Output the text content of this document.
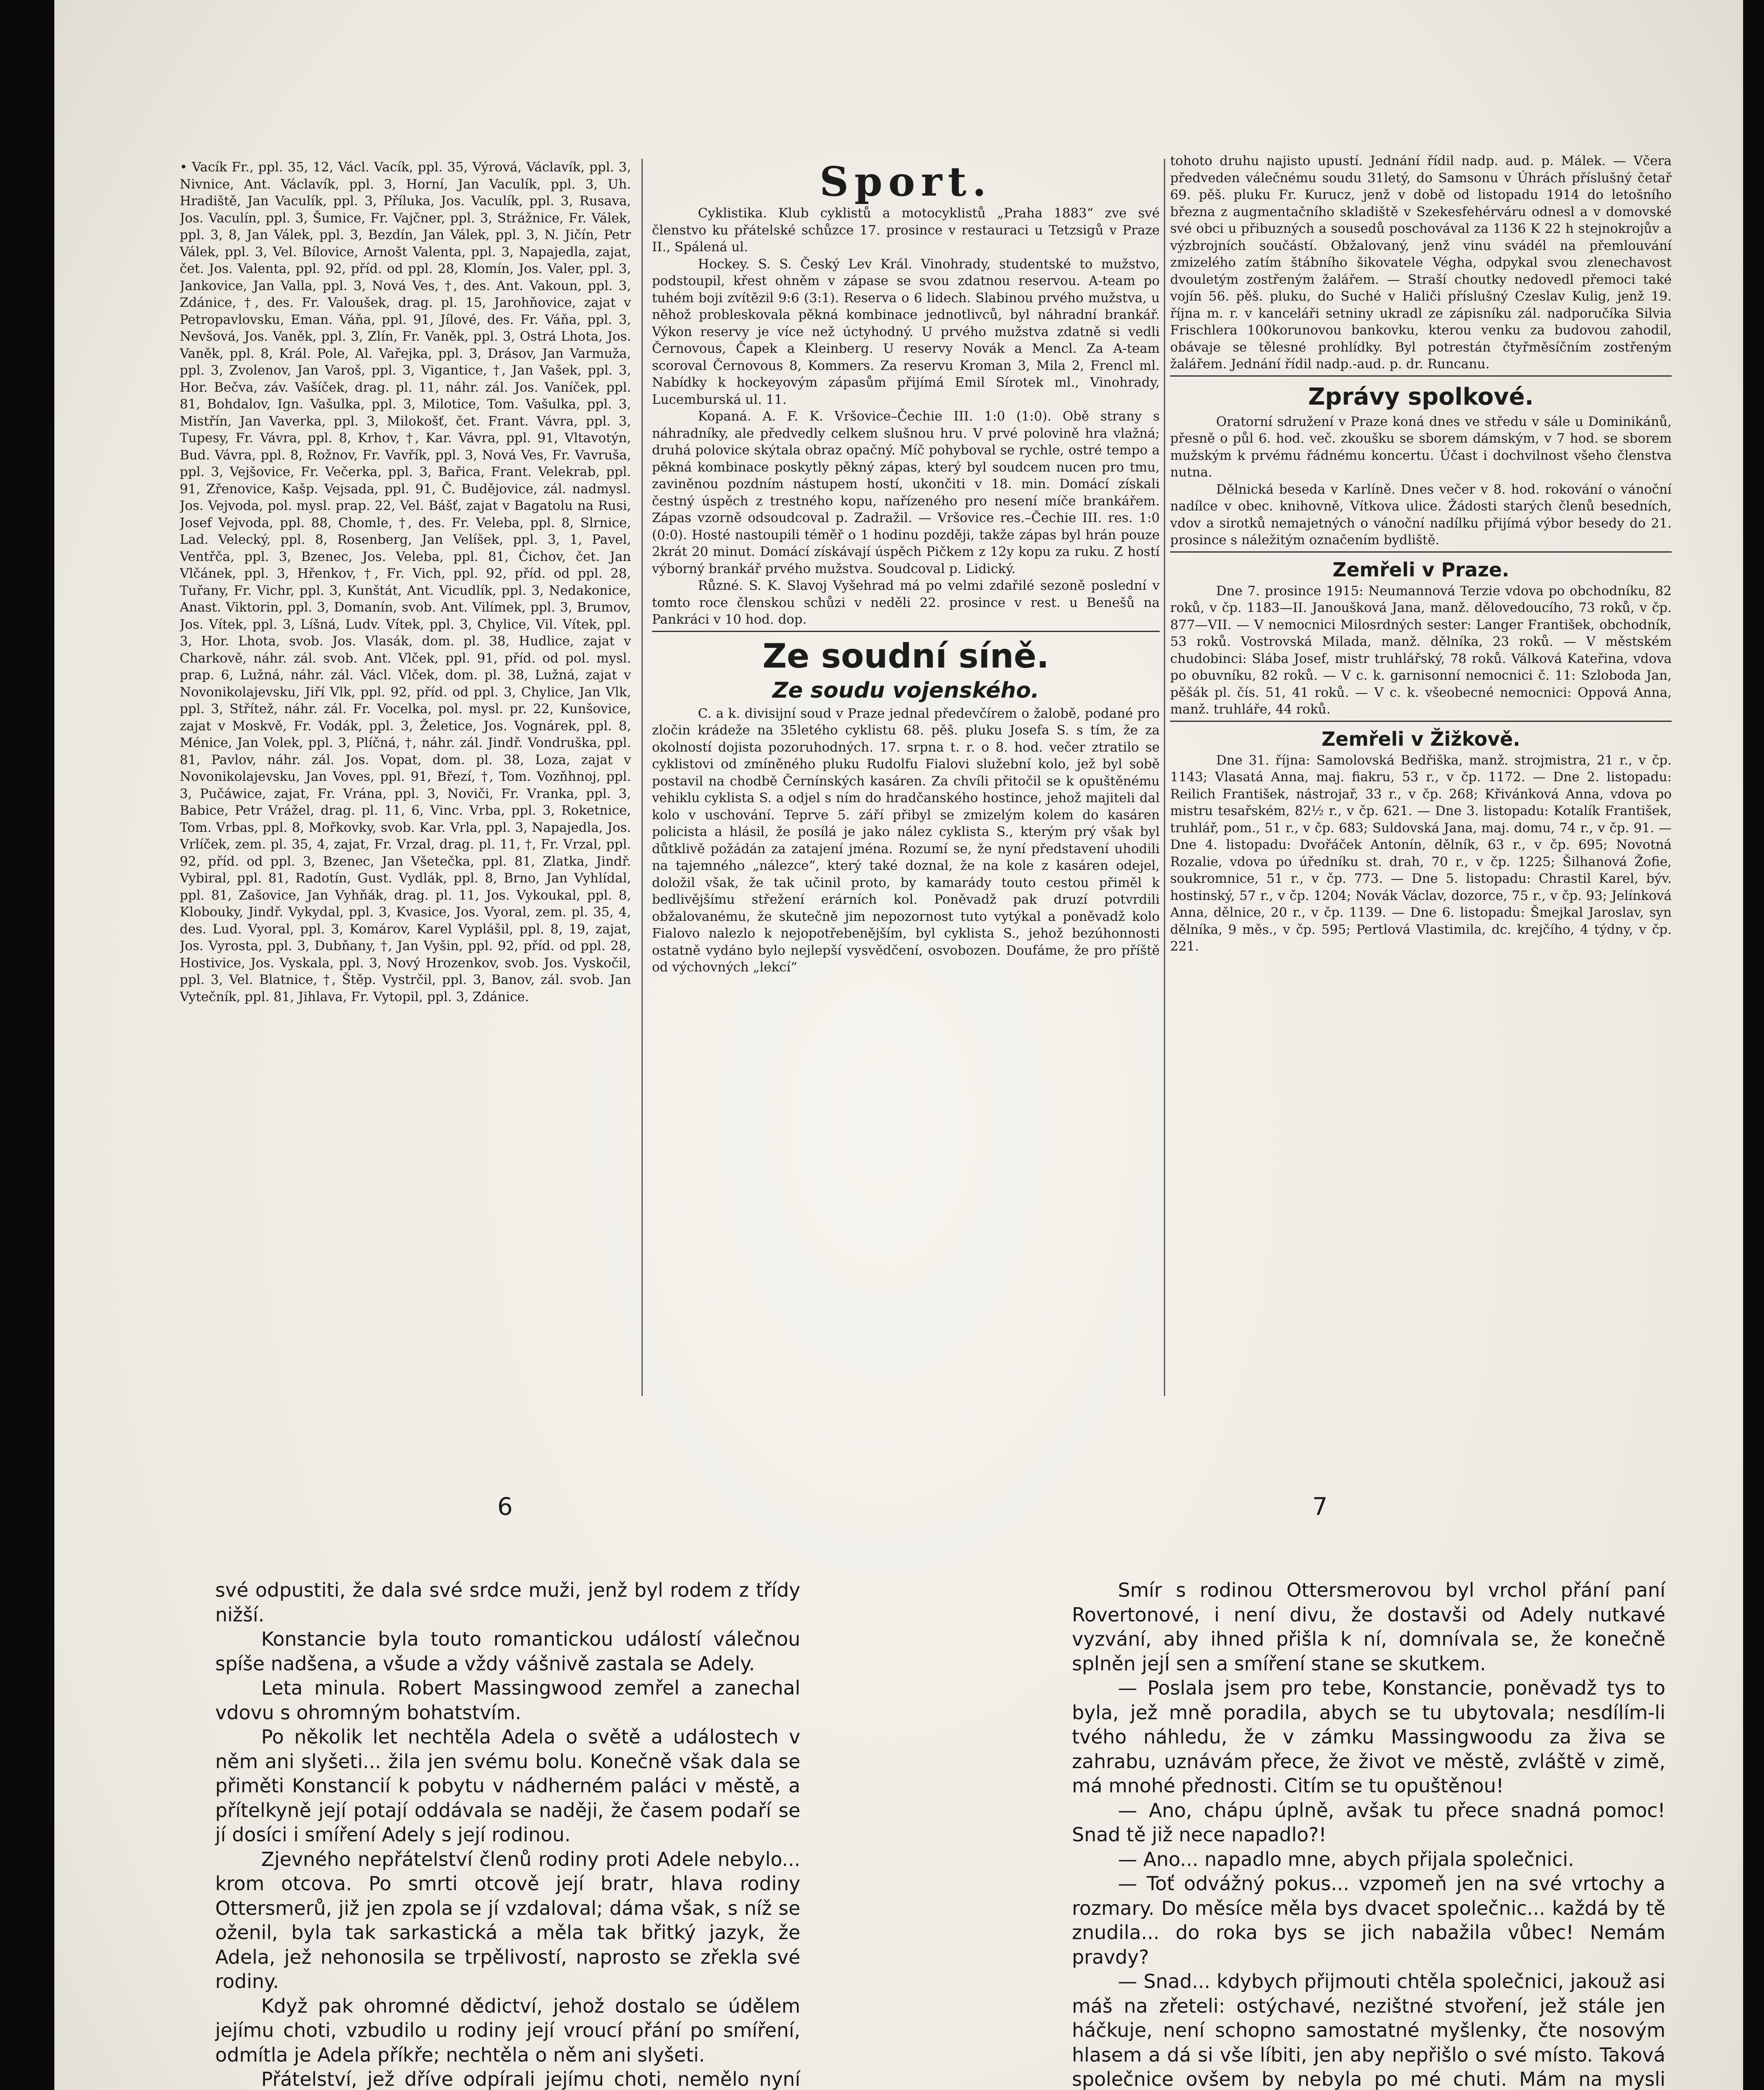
• Vacík Fr., ppl. 35, 12, Václ. Vacík, ppl. 35, Výrová, Václavík, ppl. 3, Nivnice, Ant. Václavík, ppl. 3, Horní, Jan Vaculík, ppl. 3, Uh. Hradiště, Jan Vaculík, ppl. 3, Příluka, Jos. Vaculík, ppl. 3, Rusava, Jos. Vaculín, ppl. 3, Šumice, Fr. Vajčner, ppl. 3, Strážnice, Fr. Válek, ppl. 3, 8, Jan Válek, ppl. 3, Bezdín, Jan Válek, ppl. 3, N. Jičín, Petr Válek, ppl. 3, Vel. Bílovice, Arnošt Valenta, ppl. 3, Napajedla, zajat, čet. Jos. Valenta, ppl. 92, příd. od ppl. 28, Klomín, Jos. Valer, ppl. 3, Jankovice, Jan Valla, ppl. 3, Nová Ves, †, des. Ant. Vakoun, ppl. 3, Zdánice, †, des. Fr. Valoušek, drag. pl. 15, Jarohňovice, zajat v Petropavlovsku, Eman. Váňa, ppl. 91, Jílové, des. Fr. Váňa, ppl. 3, Nevšová, Jos. Vaněk, ppl. 3, Zlín, Fr. Vaněk, ppl. 3, Ostrá Lhota, Jos. Vaněk, ppl. 8, Král. Pole, Al. Vařejka, ppl. 3, Drásov, Jan Varmuža, ppl. 3, Zvolenov, Jan Varoš, ppl. 3, Vigantice, †, Jan Vašek, ppl. 3, Hor. Bečva, záv. Vašíček, drag. pl. 11, náhr. zál. Jos. Vaníček, ppl. 81, Bohdalov, Ign. Vašulka, ppl. 3, Milotice, Tom. Vašulka, ppl. 3, Mistřín, Jan Vaverka, ppl. 3, Milokošť, čet. Frant. Vávra, ppl. 3, Tupesy, Fr. Vávra, ppl. 8, Krhov, †, Kar. Vávra, ppl. 91, Vltavotýn, Bud. Vávra, ppl. 8, Rožnov, Fr. Vavřík, ppl. 3, Nová Ves, Fr. Vavruša, ppl. 3, Vejšovice, Fr. Večerka, ppl. 3, Bařica, Frant. Velekrab, ppl. 91, Zřenovice, Kašp. Vejsada, ppl. 91, Č. Budějovice, zál. nadmysl. Jos. Vejvoda, pol. mysl. prap. 22, Vel. Bášť, zajat v Bagatolu na Rusi, Josef Vejvoda, ppl. 88, Chomle, †, des. Fr. Veleba, ppl. 8, Slrnice, Lad. Velecký, ppl. 8, Rosenberg, Jan Velíšek, ppl. 3, 1, Pavel, Ventřča, ppl. 3, Bzenec, Jos. Veleba, ppl. 81, Čichov, čet. Jan Vlčánek, ppl. 3, Hřenkov, †, Fr. Vich, ppl. 92, příd. od ppl. 28, Tuřany, Fr. Vichr, ppl. 3, Kunštát, Ant. Vicudlík, ppl. 3, Nedakonice, Anast. Viktorin, ppl. 3, Domanín, svob. Ant. Vilímek, ppl. 3, Brumov, Jos. Vítek, ppl. 3, Líšná, Ludv. Vítek, ppl. 3, Chylice, Vil. Vítek, ppl. 3, Hor. Lhota, svob. Jos. Vlasák, dom. pl. 38, Hudlice, zajat v Charkově, náhr. zál. svob. Ant. Vlček, ppl. 91, příd. od pol. mysl. prap. 6, Lužná, náhr. zál. Václ. Vlček, dom. pl. 38, Lužná, zajat v Novonikolajevsku, Jiří Vlk, ppl. 92, příd. od ppl. 3, Chylice, Jan Vlk, ppl. 3, Střítež, náhr. zál. Fr. Vocelka, pol. mysl. pr. 22, Kunšovice, zajat v Moskvě, Fr. Vodák, ppl. 3, Želetice, Jos. Vognárek, ppl. 8, Ménice, Jan Volek, ppl. 3, Plíčná, †, náhr. zál. Jindř. Vondruška, ppl. 81, Pavlov, náhr. zál. Jos. Vopat, dom. pl. 38, Loza, zajat v Novonikolajevsku, Jan Voves, ppl. 91, Březí, †, Tom. Vozňhnoj, ppl. 3, Pučáwice, zajat, Fr. Vrána, ppl. 3, Noviči, Fr. Vranka, ppl. 3, Babice, Petr Vrážel, drag. pl. 11, 6, Vinc. Vrba, ppl. 3, Roketnice, Tom. Vrbas, ppl. 8, Mořkovky, svob. Kar. Vrla, ppl. 3, Napajedla, Jos. Vrlíček, zem. pl. 35, 4, zajat, Fr. Vrzal, drag. pl. 11, †, Fr. Vrzal, ppl. 92, příd. od ppl. 3, Bzenec, Jan Všetečka, ppl. 81, Zlatka, Jindř. Vybiral, ppl. 81, Radotín, Gust. Vydlák, ppl. 8, Brno, Jan Vyhlídal, ppl. 81, Zašovice, Jan Vyhňák, drag. pl. 11, Jos. Vykoukal, ppl. 8, Klobouky, Jindř. Vykydal, ppl. 3, Kvasice, Jos. Vyoral, zem. pl. 35, 4, des. Lud. Vyoral, ppl. 3, Komárov, Karel Vyplášil, ppl. 8, 19, zajat, Jos. Vyrosta, ppl. 3, Dubňany, †, Jan Vyšin, ppl. 92, příd. od ppl. 28, Hostivice, Jos. Vyskala, ppl. 3, Nový Hrozenkov, svob. Jos. Vyskočil, ppl. 3, Vel. Blatnice, †, Štěp. Vystrčil, ppl. 3, Banov, zál. svob. Jan Vytečník, ppl. 81, Jihlava, Fr. Vytopil, ppl. 3, Zdánice.

Sport.

Cyklistika. Klub cyklistů a motocyklistů „Praha 1883“ zve své členstvo ku přátelské schůzce 17. prosince v restauraci u Tetzsigů v Praze II., Spálená ul.

Hockey. S. S. Český Lev Král. Vinohrady, studentské to mužstvo, podstoupil, křest ohněm v zápase se svou zdatnou reservou. A-team po tuhém boji zvítězil 9:6 (3:1). Reserva o 6 lidech. Slabinou prvého mužstva, u něhož probleskovala pěkná kombinace jednotlivců, byl náhradní brankář. Výkon reservy je více než úctyhodný. U prvého mužstva zdatně si vedli Černovous, Čapek a Kleinberg. U reservy Novák a Mencl. Za A-team scoroval Černovous 8, Kommers. Za reservu Kroman 3, Mila 2, Frencl ml. Nabídky k hockeyovým zápasům přijímá Emil Sírotek ml., Vinohrady, Lucemburská ul. 11.

Kopaná. A. F. K. Vršovice–Čechie III. 1:0 (1:0). Obě strany s náhradníky, ale předvedly celkem slušnou hru. V prvé polovině hra vlažná; druhá polovice skýtala obraz opačný. Míč pohyboval se rychle, ostré tempo a pěkná kombinace poskytly pěkný zápas, který byl soudcem nucen pro tmu, zaviněnou pozdním nástupem hostí, ukončiti v 18. min. Domácí získali čestný úspěch z trestného kopu, nařízeného pro nesení míče brankářem. Zápas vzorně odsoudcoval p. Zadražil. — Vršovice res.–Čechie III. res. 1:0 (0:0). Hosté nastoupili téměř o 1 hodinu později, takže zápas byl hrán pouze 2krát 20 minut. Domácí získávají úspěch Pičkem z 12y kopu za ruku. Z hostí výborný brankář prvého mužstva. Soudcoval p. Lidický.

Různé. S. K. Slavoj Vyšehrad má po velmi zdařilé sezoně poslední v tomto roce členskou schůzi v neděli 22. prosince v rest. u Benešů na Pankráci v 10 hod. dop.

Ze soudní síně.
Ze soudu vojenského.

C. a k. divisijní soud v Praze jednal předevčírem o žalobě, podané pro zločin krádeže na 35letého cyklistu 68. pěš. pluku Josefa S. s tím, že za okolností dojista pozoruhodných. 17. srpna t. r. o 8. hod. večer ztratilo se cyklistovi od zmíněného pluku Rudolfu Fialovi služební kolo, jež byl sobě postavil na chodbě Černínských kasáren. Za chvíli přitočil se k opuštěnému vehiklu cyklista S. a odjel s ním do hradčanského hostince, jehož majiteli dal kolo v uschování. Teprve 5. září přibyl se zmizelým kolem do kasáren policista a hlásil, že posílá je jako nález cyklista S., kterým prý však byl důtklivě požádán za zatajení jména. Rozumí se, že nyní představení uhodili na tajemného „nálezce“, který také doznal, že na kole z kasáren odejel, doložil však, že tak učinil proto, by kamarády touto cestou přiměl k bedlivějšímu střežení erárních kol. Poněvadž pak druzí potvrdili obžalovanému, že skutečně jim nepozornost tuto vytýkal a poněvadž kolo Fialovo nalezlo k nejopotřebenějším, byl cyklista S., jehož bezúhonnosti ostatně vydáno bylo nejlepší vysvědčení, osvobozen. Doufáme, že pro příště od výchovných „lekcí“

tohoto druhu najisto upustí. Jednání řídil nadp. aud. p. Málek. — Včera předveden válečnému soudu 31letý, do Samsonu v Úhrách příslušný četař 69. pěš. pluku Fr. Kurucz, jenž v době od listopadu 1914 do letošního března z augmentačního skladiště v Szekesfehérváru odnesl a v domovské své obci u přibuzných a sousedů poschovával za 1136 K 22 h stejnokrojův a výzbrojních součástí. Obžalovaný, jenž vinu svádél na přemlouvání zmizelého zatím štábního šikovatele Végha, odpykal svou zlenechavost dvouletým zostřeným žalářem. — Straší choutky nedovedl přemoci také vojín 56. pěš. pluku, do Suché v Haliči příslušný Czeslav Kulig, jenž 19. října m. r. v kanceláři setniny ukradl ze zápisníku zál. nadporučíka Silvia Frischlera 100korunovou bankovku, kterou venku za budovou zahodil, obávaje se tělesné prohlídky. Byl potrestán čtyřměsíčním zostřeným žalářem. Jednání řídil nadp.-aud. p. dr. Runcanu.

Zprávy spolkové.

Oratorní sdružení v Praze koná dnes ve středu v sále u Dominikánů, přesně o půl 6. hod. več. zkoušku se sborem dámským, v 7 hod. se sborem mužským k prvému řádnému koncertu. Účast i dochvilnost všeho členstva nutna.

Dělnická beseda v Karlíně. Dnes večer v 8. hod. rokování o vánoční nadílce v obec. knihovně, Vítkova ulice. Žádosti starých členů besedních, vdov a sirotků nemajetných o vánoční nadílku přijímá výbor besedy do 21. prosince s náležitým označením bydliště.

Zemřeli v Praze.

Dne 7. prosince 1915: Neumannová Terzie vdova po obchodníku, 82 roků, v čp. 1183—II. Janoušková Jana, manž. dělovedoucího, 73 roků, v čp. 877—VII. — V nemocnici Milosrdných sester: Langer František, obchodník, 53 roků. Vostrovská Milada, manž. dělníka, 23 roků. — V městském chudobinci: Slába Josef, mistr truhlářský, 78 roků. Válková Kateřina, vdova po obuvníku, 82 roků. — V c. k. garnisonní nemocnici č. 11: Szloboda Jan, pěšák pl. čís. 51, 41 roků. — V c. k. všeobecné nemocnici: Oppová Anna, manž. truhláře, 44 roků.

Zemřeli v Žižkově.

Dne 31. října: Samolovská Bedřiška, manž. strojmistra, 21 r., v čp. 1143; Vlasatá Anna, maj. fiakru, 53 r., v čp. 1172. — Dne 2. listopadu: Reilich František, nástrojař, 33 r., v čp. 268; Křivánková Anna, vdova po mistru tesařském, 82½ r., v čp. 621. — Dne 3. listopadu: Kotalík František, truhlář, pom., 51 r., v čp. 683; Suldovská Jana, maj. domu, 74 r., v čp. 91. — Dne 4. listopadu: Dvořáček Antonín, dělník, 63 r., v čp. 695; Novotná Rozalie, vdova po úředníku st. drah, 70 r., v čp. 1225; Šilhanová Žofie, soukromnice, 51 r., v čp. 773. — Dne 5. listopadu: Chrastil Karel, býv. hostinský, 57 r., v čp. 1204; Novák Václav, dozorce, 75 r., v čp. 93; Jelínková Anna, dělnice, 20 r., v čp. 1139. — Dne 6. listopadu: Šmejkal Jaroslav, syn dělníka, 9 měs., v čp. 595; Pertlová Vlastimila, dc. krejčího, 4 týdny, v čp. 221.

6	7

své odpustiti, že dala své srdce muži, jenž byl rodem z třídy nižší.

Konstancie byla touto romantickou událostí válečnou spíše nadšena, a všude a vždy vášnivě zastala se Adely.

Leta minula. Robert Massingwood zemřel a zanechal vdovu s ohromným bohatstvím.

Po několik let nechtěla Adela o světě a událostech v něm ani slyšeti... žila jen svému bolu. Konečně však dala se přiměti Konstancií k pobytu v nádherném paláci v městě, a přítelkyně její potají oddávala se naději, že časem podaří se jí dosíci i smíření Adely s její rodinou.

Zjevného nepřátelství členů rodiny proti Adele nebylo... krom otcova. Po smrti otcově její bratr, hlava rodiny Ottersmerů, již jen zpola se jí vzdaloval; dáma však, s níž se oženil, byla tak sarkastická a měla tak břitký jazyk, že Adela, jež nehonosila se trpělivostí, naprosto se zřekla své rodiny.

Když pak ohromné dědictví, jehož dostalo se údělem jejímu choti, vzbudilo u rodiny její vroucí přání po smíření, odmítla je Adela příkře; nechtěla o něm ani slyšeti.

Přátelství, jež dříve odpírali jejímu choti, nemělo nyní

Smír s rodinou Ottersmerovou byl vrchol přání paní Rovertonové, i není divu, že dostavši od Adely nutkavé vyzvání, aby ihned přišla k ní, domnívala se, že konečně splněn jejÍ sen a smíření stane se skutkem.

— Poslala jsem pro tebe, Konstancie, poněvadž tys to byla, jež mně poradila, abych se tu ubytovala; nesdílím-li tvého náhledu, že v zámku Massingwoodu za živa se zahrabu, uznávám přece, že život ve městě, zvláště v zimě, má mnohé přednosti. Citím se tu opuštěnou!

— Ano, chápu úplně, avšak tu přece snadná pomoc! Snad tě již nece napadlo?!

— Ano... napadlo mne, abych přijala společnici.

— Toť odvážný pokus... vzpomeň jen na své vrtochy a rozmary. Do měsíce měla bys dvacet společnic... každá by tě znudila... do roka bys se jich nabažila vůbec! Nemám pravdy?

— Snad... kdybych přijmouti chtěla společnici, jakouž asi máš na zřeteli: ostýchavé, nezištné stvoření, jež stále jen háčkuje, není schopno samostatné myšlenky, čte nosovým hlasem a dá si vše líbiti, jen aby nepřišlo o své místo. Taková společnice ovšem by nebyla po mé chuti. Mám na mysli
